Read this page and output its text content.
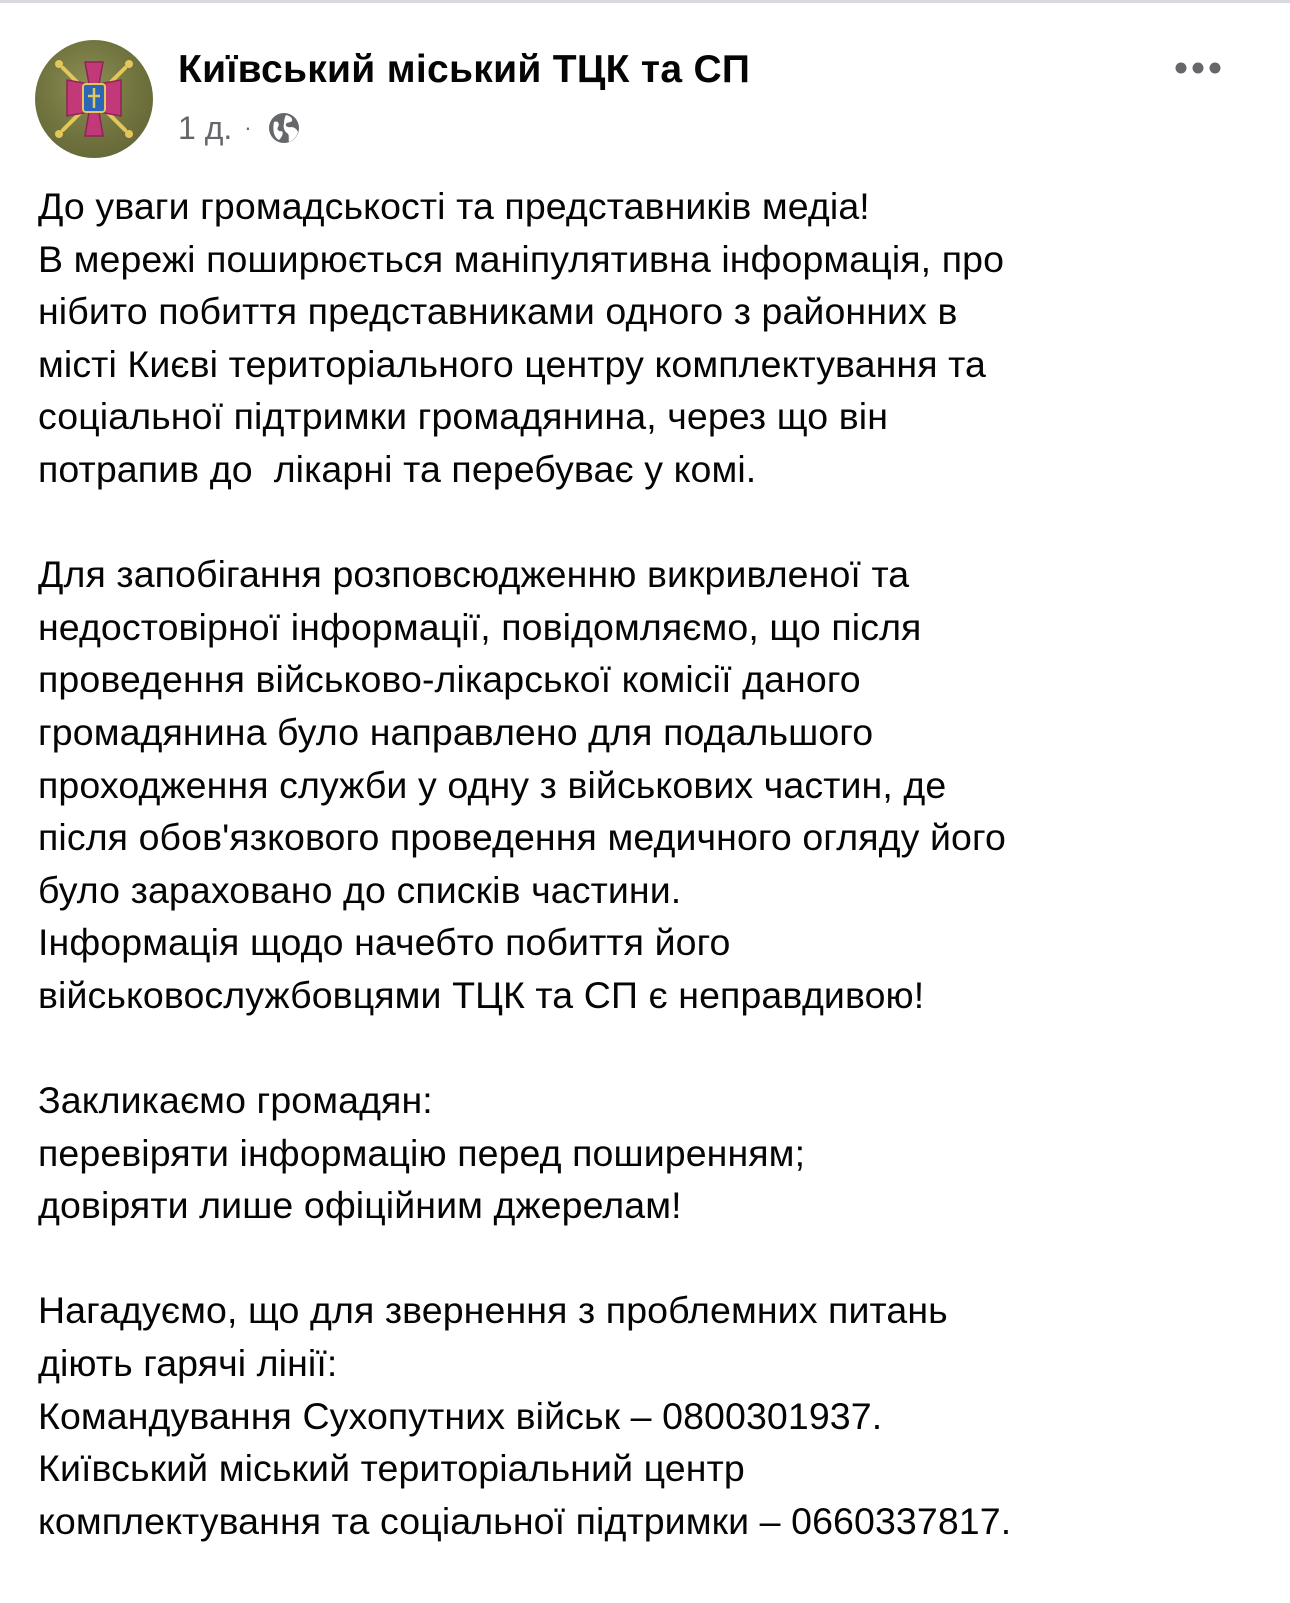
Київський міський ТЦК та СП
1 д. ·
До уваги громадськості та представників медіа!
В мережі поширюється маніпулятивна інформація, про
нібито побиття представниками одного з районних в
місті Києві територіального центру комплектування та
соціальної підтримки громадянина, через що він
потрапив до  лікарні та перебуває у комі.
Для запобігання розповсюдженню викривленої та
недостовірної інформації, повідомляємо, що після
проведення військово-лікарської комісії даного
громадянина було направлено для подальшого
проходження служби у одну з військових частин, де
після обов'язкового проведення медичного огляду його
було зараховано до списків частини.
Інформація щодо начебто побиття його
військовослужбовцями ТЦК та СП є неправдивою!
Закликаємо громадян:
перевіряти інформацію перед поширенням;
довіряти лише офіційним джерелам!
Нагадуємо, що для звернення з проблемних питань
діють гарячі лінії:
Командування Сухопутних військ – 0800301937.
Київський міський територіальний центр
комплектування та соціальної підтримки – 0660337817.
